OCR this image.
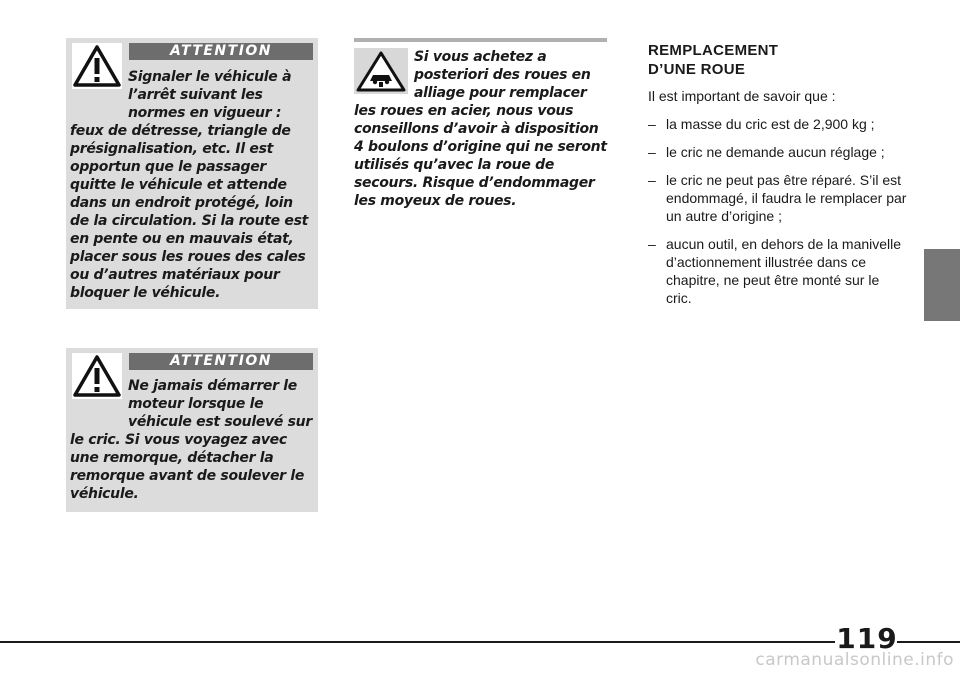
ATTENTION

Signaler le véhicule à l’arrêt suivant les normes en vigueur : feux de détresse, triangle de présignalisation, etc. Il est opportun que le passager quitte le véhicule et attende dans un endroit protégé, loin de la circulation. Si la route est en pente ou en mauvais état, placer sous les roues des cales ou d’autres matériaux pour bloquer le véhicule.

ATTENTION

Ne jamais démarrer le moteur lorsque le véhicule est soulevé sur le cric. Si vous voyagez avec une remorque, détacher la remorque avant de soulever le véhicule.

Si vous achetez a posteriori des roues en alliage pour remplacer les roues en acier, nous vous conseillons d’avoir à disposition 4 boulons d’origine qui ne seront utilisés qu’avec la roue de secours. Risque d’endommager les moyeux de roues.

REMPLACEMENT
D’UNE ROUE

Il est important de savoir que :

– la masse du cric est de 2,900 kg ;
– le cric ne demande aucun réglage ;
– le cric ne peut pas être réparé. S’il est endommagé, il faudra le remplacer par un autre d’origine ;
– aucun outil, en dehors de la manivelle d’actionnement illustrée dans ce chapitre, ne peut être monté sur le cric.
119
carmanualsonline.info
